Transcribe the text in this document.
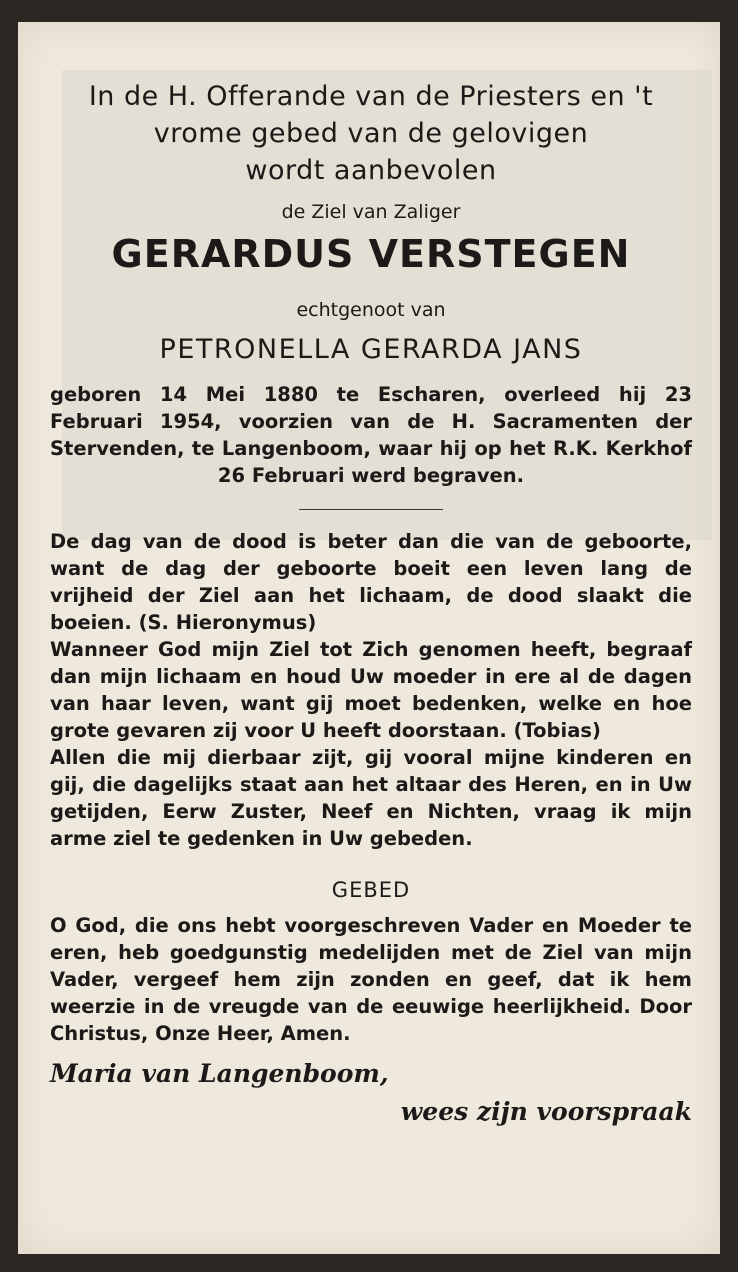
In de H. Offerande van de Priesters en 't
vrome gebed van de gelovigen
wordt aanbevolen
de Ziel van Zaliger
GERARDUS VERSTEGEN
echtgenoot van
PETRONELLA GERARDA JANS

geboren 14 Mei 1880 te Escharen, overleed hij 23 Februari 1954, voorzien van de H. Sacramenten der Stervenden, te Langenboom, waar hij op het R.K. Kerkhof 26 Februari werd begraven.

De dag van de dood is beter dan die van de geboorte, want de dag der geboorte boeit een leven lang de vrijheid der Ziel aan het lichaam, de dood slaakt die boeien. (S. Hieronymus)

Wanneer God mijn Ziel tot Zich genomen heeft, begraaf dan mijn lichaam en houd Uw moeder in ere al de dagen van haar leven, want gij moet bedenken, welke en hoe grote gevaren zij voor U heeft doorstaan. (Tobias)

Allen die mij dierbaar zijt, gij vooral mijne kinderen en gij, die dagelijks staat aan het altaar des Heren, en in Uw getijden, Eerw Zuster, Neef en Nichten, vraag ik mijn arme ziel te gedenken in Uw gebeden.

GEBED

O God, die ons hebt voorgeschreven Vader en Moeder te eren, heb goedgunstig medelijden met de Ziel van mijn Vader, vergeef hem zijn zonden en geef, dat ik hem weerzie in de vreugde van de eeuwige heerlijkheid. Door Christus, Onze Heer, Amen.

Maria van Langenboom,
wees zijn voorspraak
